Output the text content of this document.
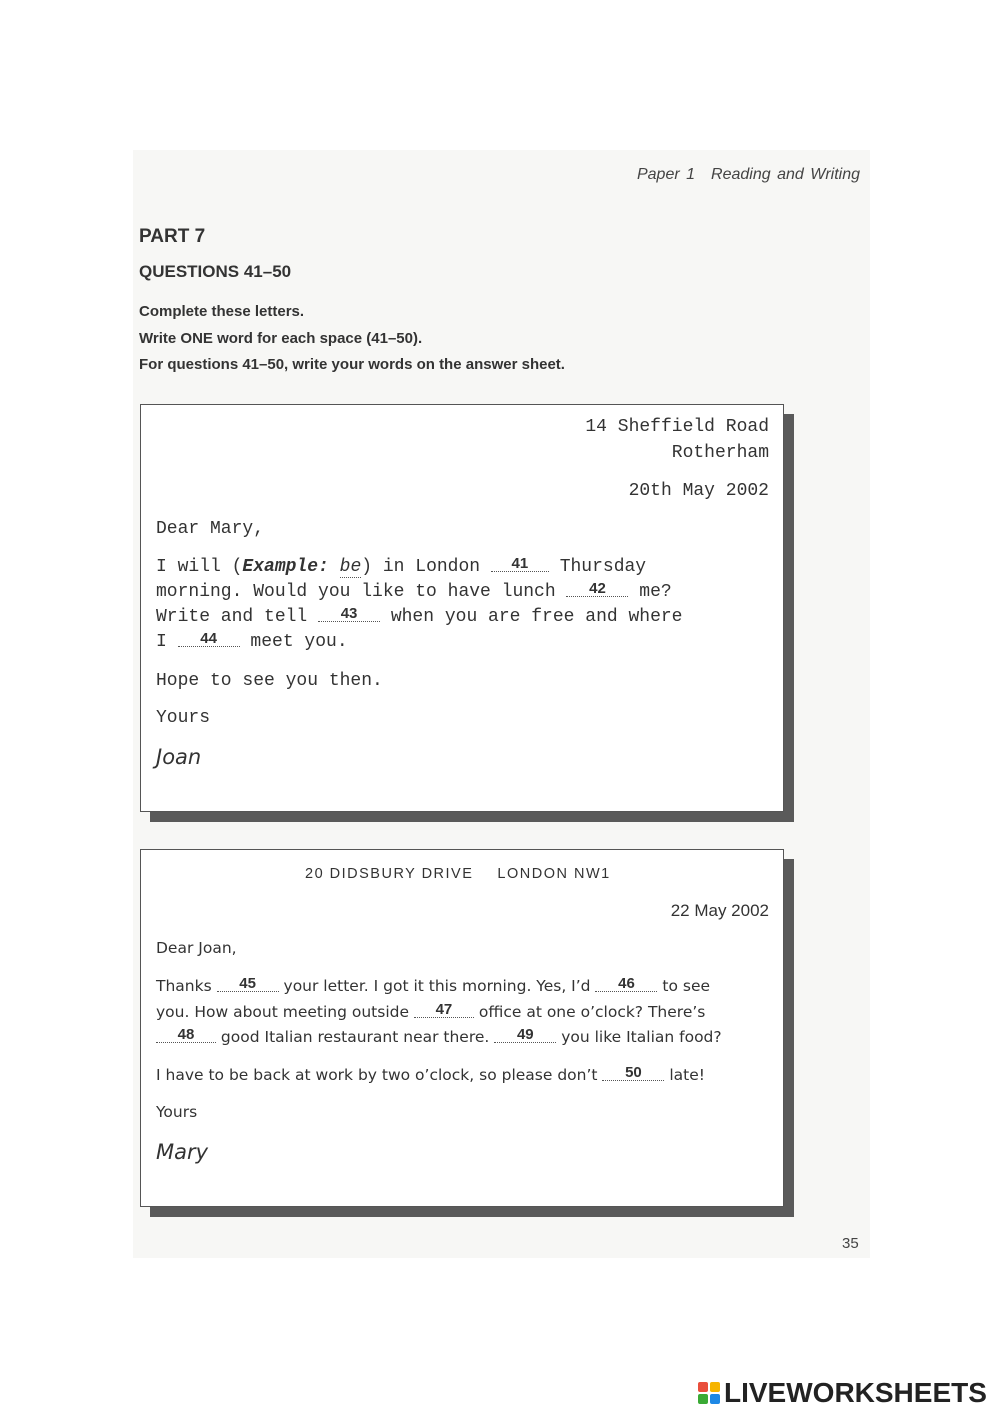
Paper 1 Reading and Writing
PART 7
QUESTIONS 41–50
Complete these letters.
Write ONE word for each space (41–50).
For questions 41–50, write your words on the answer sheet.
14 Sheffield Road
Rotherham
20th May 2002
Dear Mary,
I will (Example: be) in London 41 Thursday
morning. Would you like to have lunch 42 me?
Write and tell 43 when you are free and where
I 44 meet you.
Hope to see you then.
Yours
Joan
20 DIDSBURY DRIVE LONDON NW1
22 May 2002
Dear Joan,
Thanks 45 your letter. I got it this morning. Yes, I’d 46 to see
you. How about meeting outside 47 office at one o’clock? There’s
48 good Italian restaurant near there. 49 you like Italian food?
I have to be back at work by two o’clock, so please don’t 50 late!
Yours
Mary
35
LIVEWORKSHEETS
